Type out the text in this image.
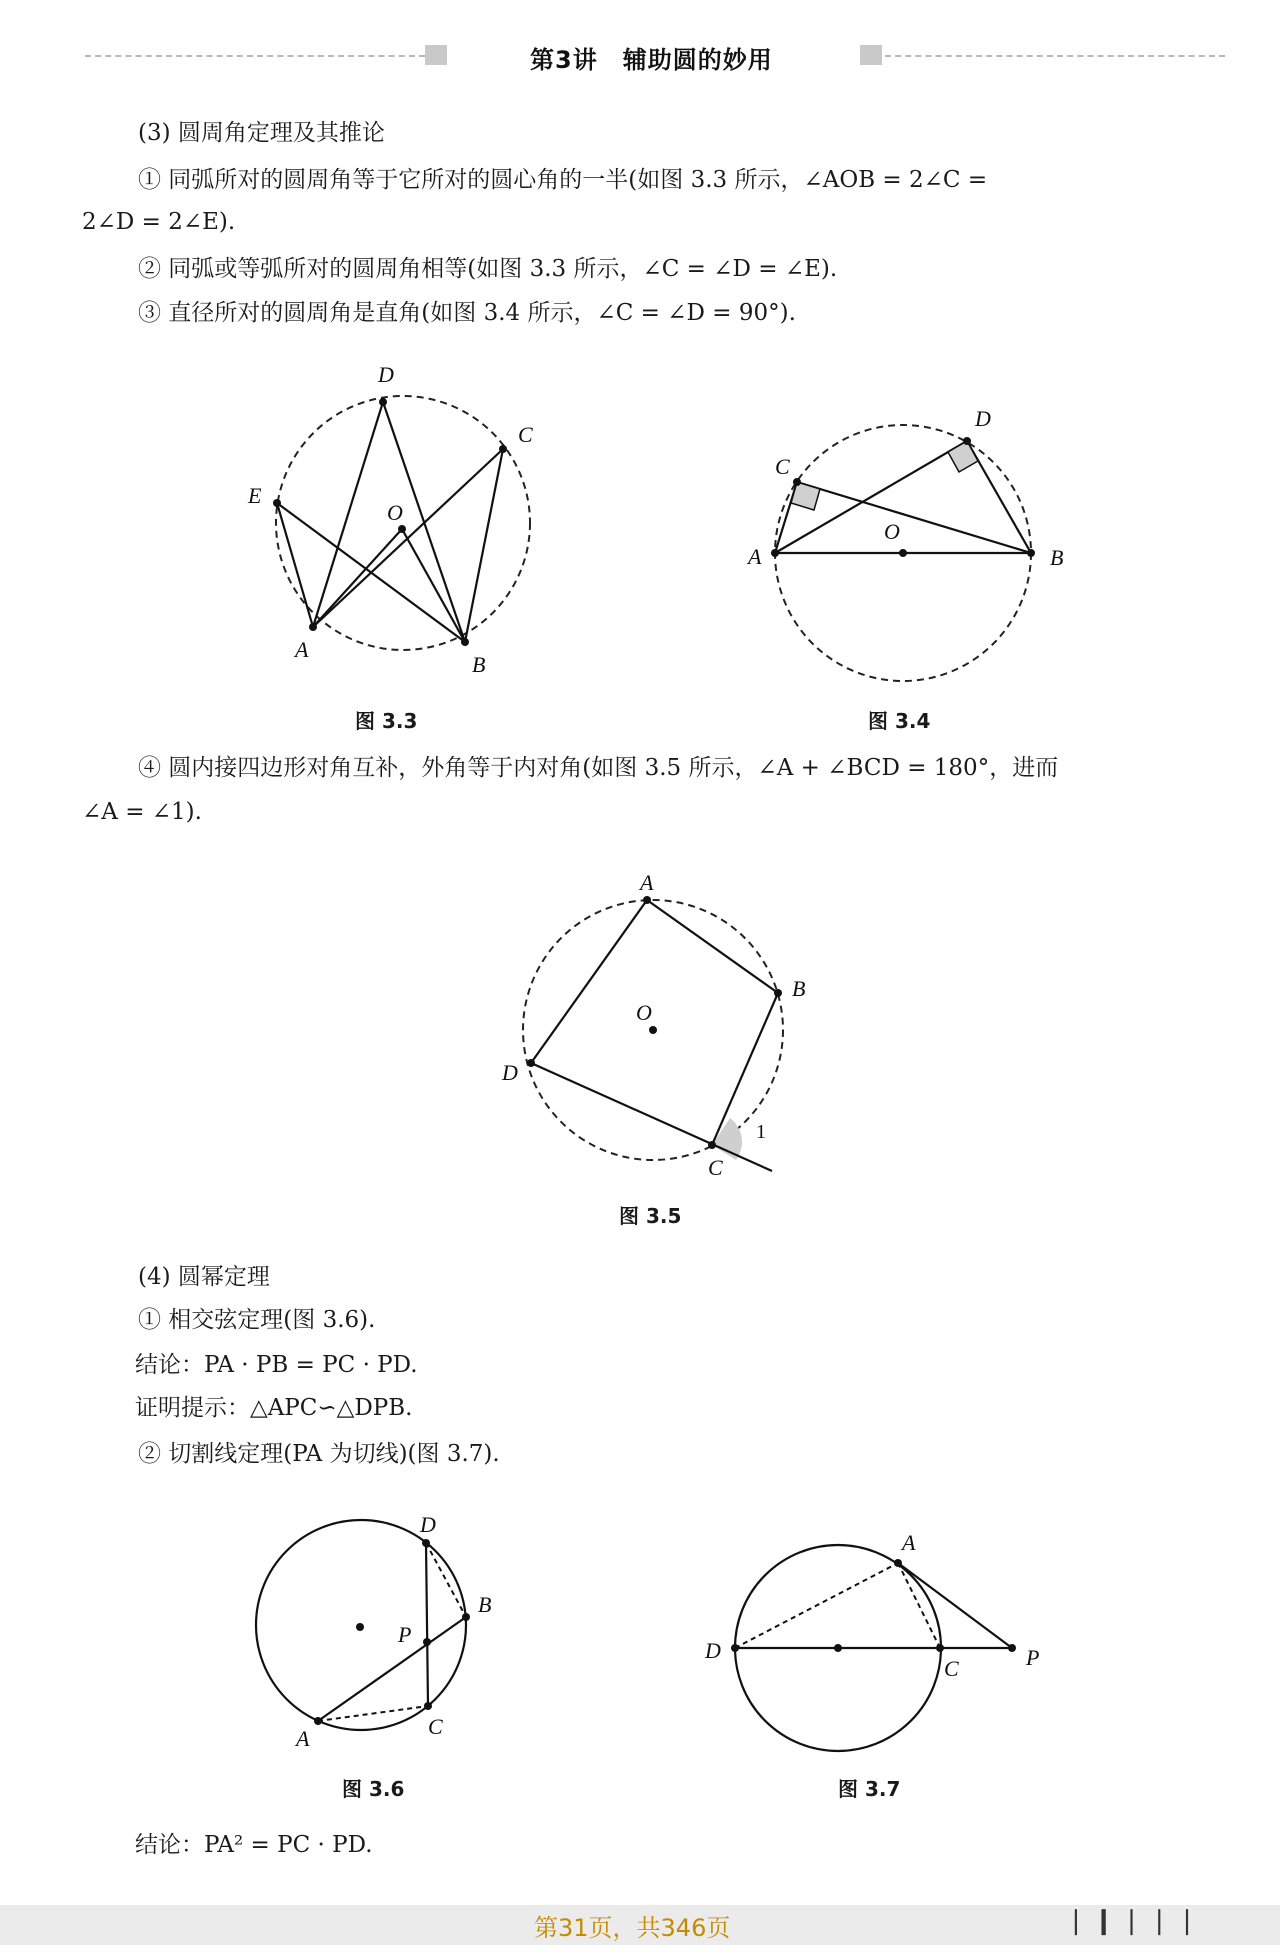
第3讲　辅助圆的妙用
(3) 圆周角定理及其推论
① 同弧所对的圆周角等于它所对的圆心角的一半(如图 3.3 所示，∠AOB = 2∠C =
2∠D = 2∠E).
② 同弧或等弧所对的圆周角相等(如图 3.3 所示，∠C = ∠D = ∠E).
③ 直径所对的圆周角是直角(如图 3.4 所示，∠C = ∠D = 90°).
D
C
E
O
A
B
图 3.3
D
C
O
A	B
图 3.4
④ 圆内接四边形对角互补，外角等于内对角(如图 3.5 所示，∠A + ∠BCD = 180°，进而
∠A = ∠1).
A
B
O
D
C
1
图 3.5
(4) 圆幂定理
① 相交弦定理(图 3.6).
结论：PA · PB = PC · PD.
证明提示：△APC∽△DPB.
② 切割线定理(PA 为切线)(图 3.7).
D
B
P
A	C
图 3.6
A
D
C	P
图 3.7
结论：PA² = PC · PD.
第31页，共346页	❘❙❘❘❘
